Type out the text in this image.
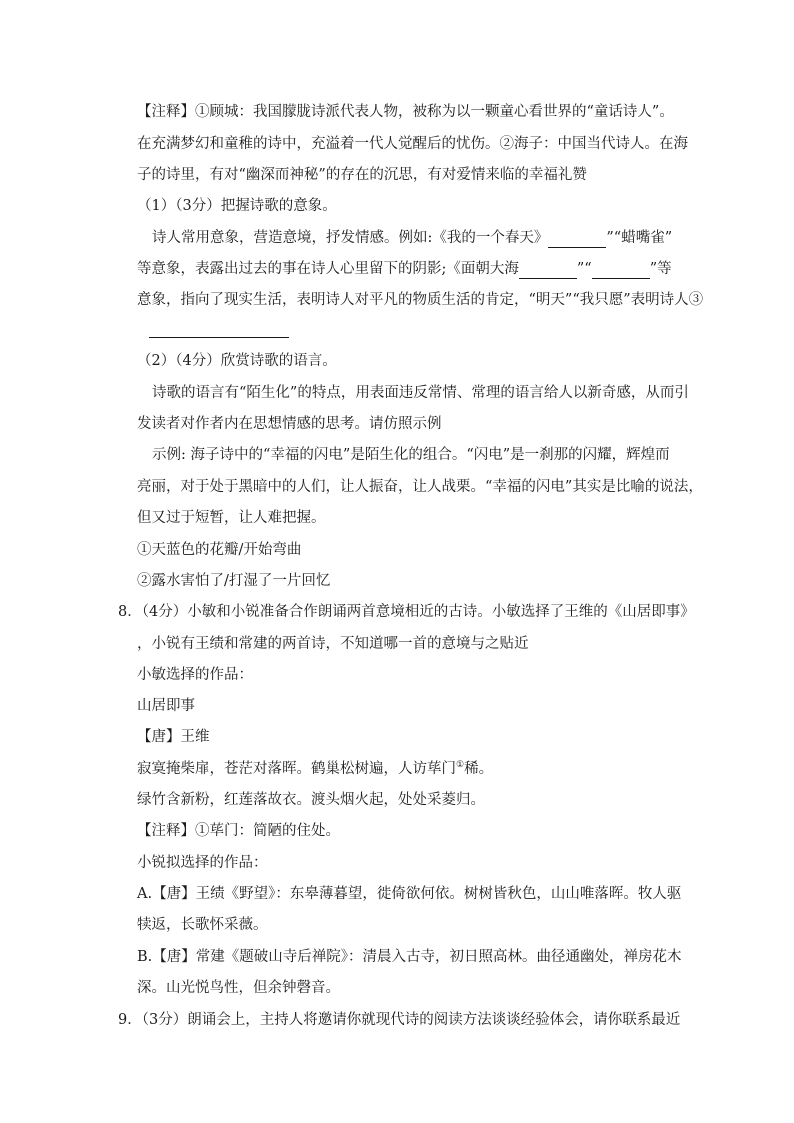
【注释】①顾城：我国朦胧诗派代表人物，被称为以一颗童心看世界的“童话诗人”。
在充满梦幻和童稚的诗中，充溢着一代人觉醒后的忧伤。②海子：中国当代诗人。在海
子的诗里，有对“幽深而神秘”的存在的沉思，有对爱情来临的幸福礼赞
（1）（3分）把握诗歌的意象。
诗人常用意象，营造意境，抒发情感。例如:《我的一个春天》	”“蜡嘴雀”
等意象，表露出过去的事在诗人心里留下的阴影;《面朝大海	”“	”等
意象，指向了现实生活，表明诗人对平凡的物质生活的肯定，“明天”“我只愿”表明诗人③
（2）（4分）欣赏诗歌的语言。
诗歌的语言有“陌生化”的特点，用表面违反常情、常理的语言给人以新奇感，从而引
发读者对作者内在思想情感的思考。请仿照示例
示例: 海子诗中的“幸福的闪电”是陌生化的组合。“闪电”是一刹那的闪耀，辉煌而
亮丽，对于处于黑暗中的人们，让人振奋，让人战栗。“幸福的闪电”其实是比喻的说法，
但又过于短暂，让人难把握。
①天蓝色的花瓣/开始弯曲
②露水害怕了/打湿了一片回忆
8．（4分）小敏和小锐准备合作朗诵两首意境相近的古诗。小敏选择了王维的《山居即事》
，小锐有王绩和常建的两首诗，不知道哪一首的意境与之贴近
小敏选择的作品：
山居即事
【唐】王维
寂寞掩柴扉，苍茫对落晖。鹤巢松树遍，人访荜门①稀。
绿竹含新粉，红莲落故衣。渡头烟火起，处处采菱归。
【注释】①荜门：简陋的住处。
小锐拟选择的作品：
A.【唐】王绩《野望》：东皋薄暮望，徙倚欲何依。树树皆秋色，山山唯落晖。牧人驱
犊返，长歌怀采薇。
B.【唐】常建《题破山寺后禅院》：清晨入古寺，初日照高林。曲径通幽处，禅房花木
深。山光悦鸟性，但余钟磬音。
9．（3分）朗诵会上，主持人将邀请你就现代诗的阅读方法谈谈经验体会，请你联系最近
